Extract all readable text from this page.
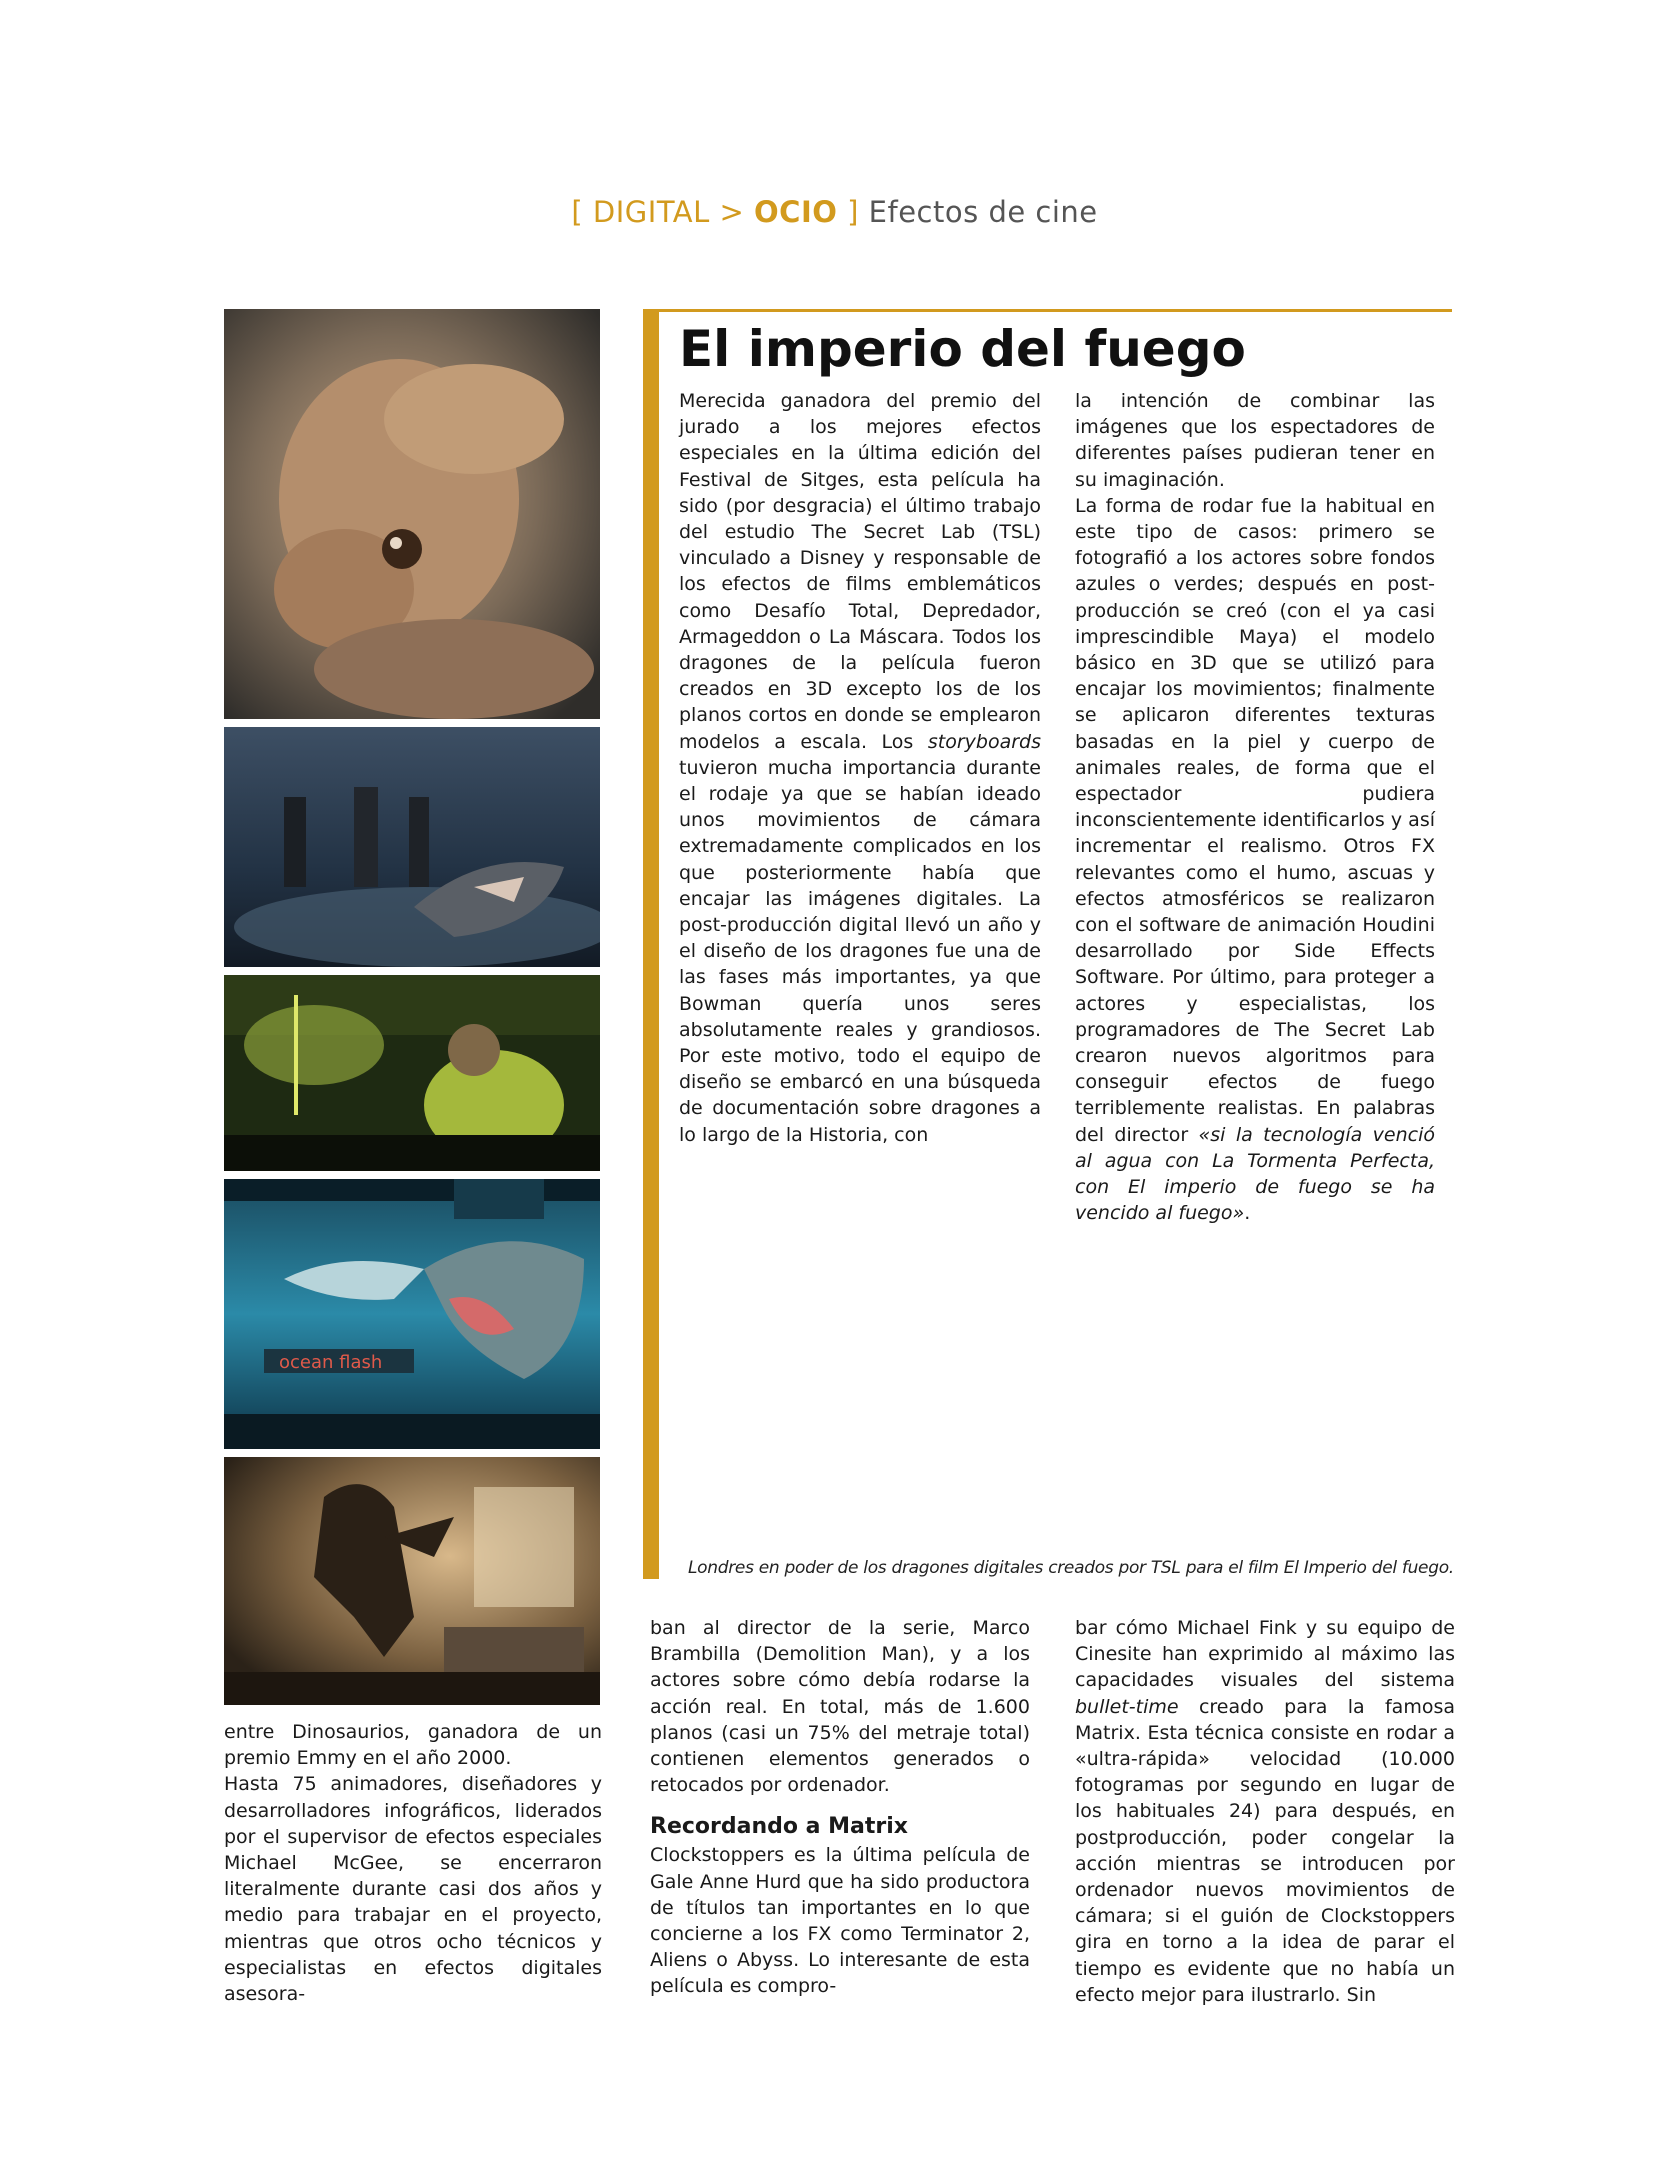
[ DIGITAL > OCIO ] Efectos de cine
ocean flash
El imperio del fuego

Merecida ganadora del premio del jurado a los mejores efectos especiales en la última edición del Festival de Sitges, esta película ha sido (por desgracia) el último trabajo del estudio The Secret Lab (TSL) vinculado a Disney y responsable de los efectos de films emblemáticos como Desafío Total, Depredador, Armageddon o La Máscara. Todos los dragones de la película fueron creados en 3D excepto los de los planos cortos en donde se emplearon modelos a escala. Los storyboards tuvieron mucha importancia durante el rodaje ya que se habían ideado unos movimientos de cámara extremadamente complicados en los que posteriormente había que encajar las imágenes digitales. La post-producción digital llevó un año y el diseño de los dragones fue una de las fases más importantes, ya que Bowman quería unos seres absolutamente reales y grandiosos. Por este motivo, todo el equipo de diseño se embarcó en una búsqueda de documentación sobre dragones a lo largo de la Historia, con

la intención de combinar las imágenes que los espectadores de diferentes países pudieran tener en su imaginación.

La forma de rodar fue la habitual en este tipo de casos: primero se fotografió a los actores sobre fondos azules o verdes; después en post-producción se creó (con el ya casi imprescindible Maya) el modelo básico en 3D que se utilizó para encajar los movimientos; finalmente se aplicaron diferentes texturas basadas en la piel y cuerpo de animales reales, de forma que el espectador pudiera inconscientemente identificarlos y así incrementar el realismo. Otros FX relevantes como el humo, ascuas y efectos atmosféricos se realizaron con el software de animación Houdini desarrollado por Side Effects Software. Por último, para proteger a actores y especialistas, los programadores de The Secret Lab crearon nuevos algoritmos para conseguir efectos de fuego terriblemente realistas. En palabras del director «si la tecnología venció al agua con La Tormenta Perfecta, con El imperio de fuego se ha vencido al fuego».

Londres en poder de los dragones digitales creados por TSL para el film El Imperio del fuego.

entre Dinosaurios, ganadora de un premio Emmy en el año 2000.

Hasta 75 animadores, diseñadores y desarrolladores infográficos, liderados por el supervisor de efectos especiales Michael McGee, se encerraron literalmente durante casi dos años y medio para trabajar en el proyecto, mientras que otros ocho técnicos y especialistas en efectos digitales asesora-

ban al director de la serie, Marco Brambilla (Demolition Man), y a los actores sobre cómo debía rodarse la acción real. En total, más de 1.600 planos (casi un 75% del metraje total) contienen elementos generados o retocados por ordenador.

Recordando a Matrix

Clockstoppers es la última película de Gale Anne Hurd que ha sido productora de títulos tan importantes en lo que concierne a los FX como Terminator 2, Aliens o Abyss. Lo interesante de esta película es compro-

bar cómo Michael Fink y su equipo de Cinesite han exprimido al máximo las capacidades visuales del sistema bullet-time creado para la famosa Matrix. Esta técnica consiste en rodar a «ultra-rápida» velocidad (10.000 fotogramas por segundo en lugar de los habituales 24) para después, en postproducción, poder congelar la acción mientras se introducen por ordenador nuevos movimientos de cámara; si el guión de Clockstoppers gira en torno a la idea de parar el tiempo es evidente que no había un efecto mejor para ilustrarlo. Sin
